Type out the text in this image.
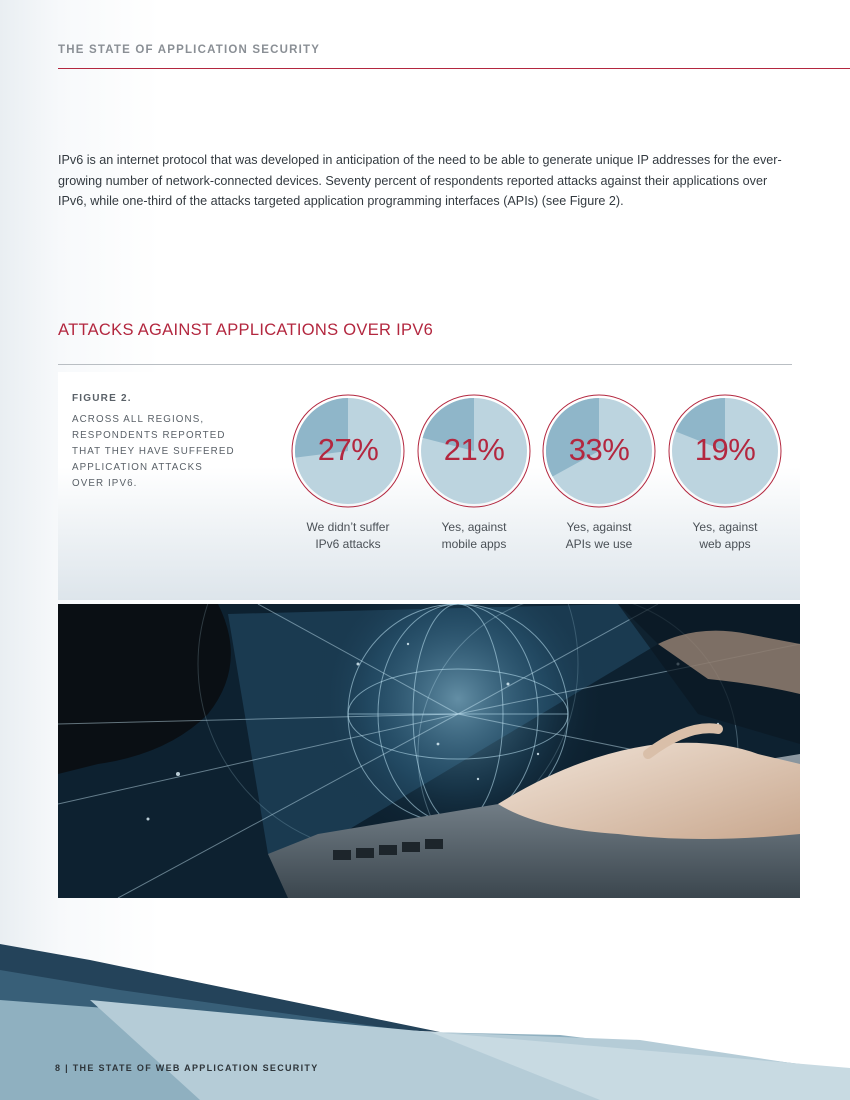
THE STATE OF APPLICATION SECURITY

IPv6 is an internet protocol that was developed in anticipation of the need to be able to generate unique IP addresses for the ever-growing number of network-connected devices. Seventy percent of respondents reported attacks against their applications over IPv6, while one-third of the attacks targeted application programming interfaces (APIs) (see Figure 2).

ATTACKS AGAINST APPLICATIONS OVER IPV6
FIGURE 2.
ACROSS ALL REGIONS, RESPONDENTS REPORTED THAT THEY HAVE SUFFERED APPLICATION ATTACKS OVER IPV6.
27%	21%	33%	19%
We didn’t suffer
IPv6 attacks
Yes, against
mobile apps
Yes, against
APIs we use
Yes, against
web apps
8 | THE STATE OF WEB APPLICATION SECURITY
